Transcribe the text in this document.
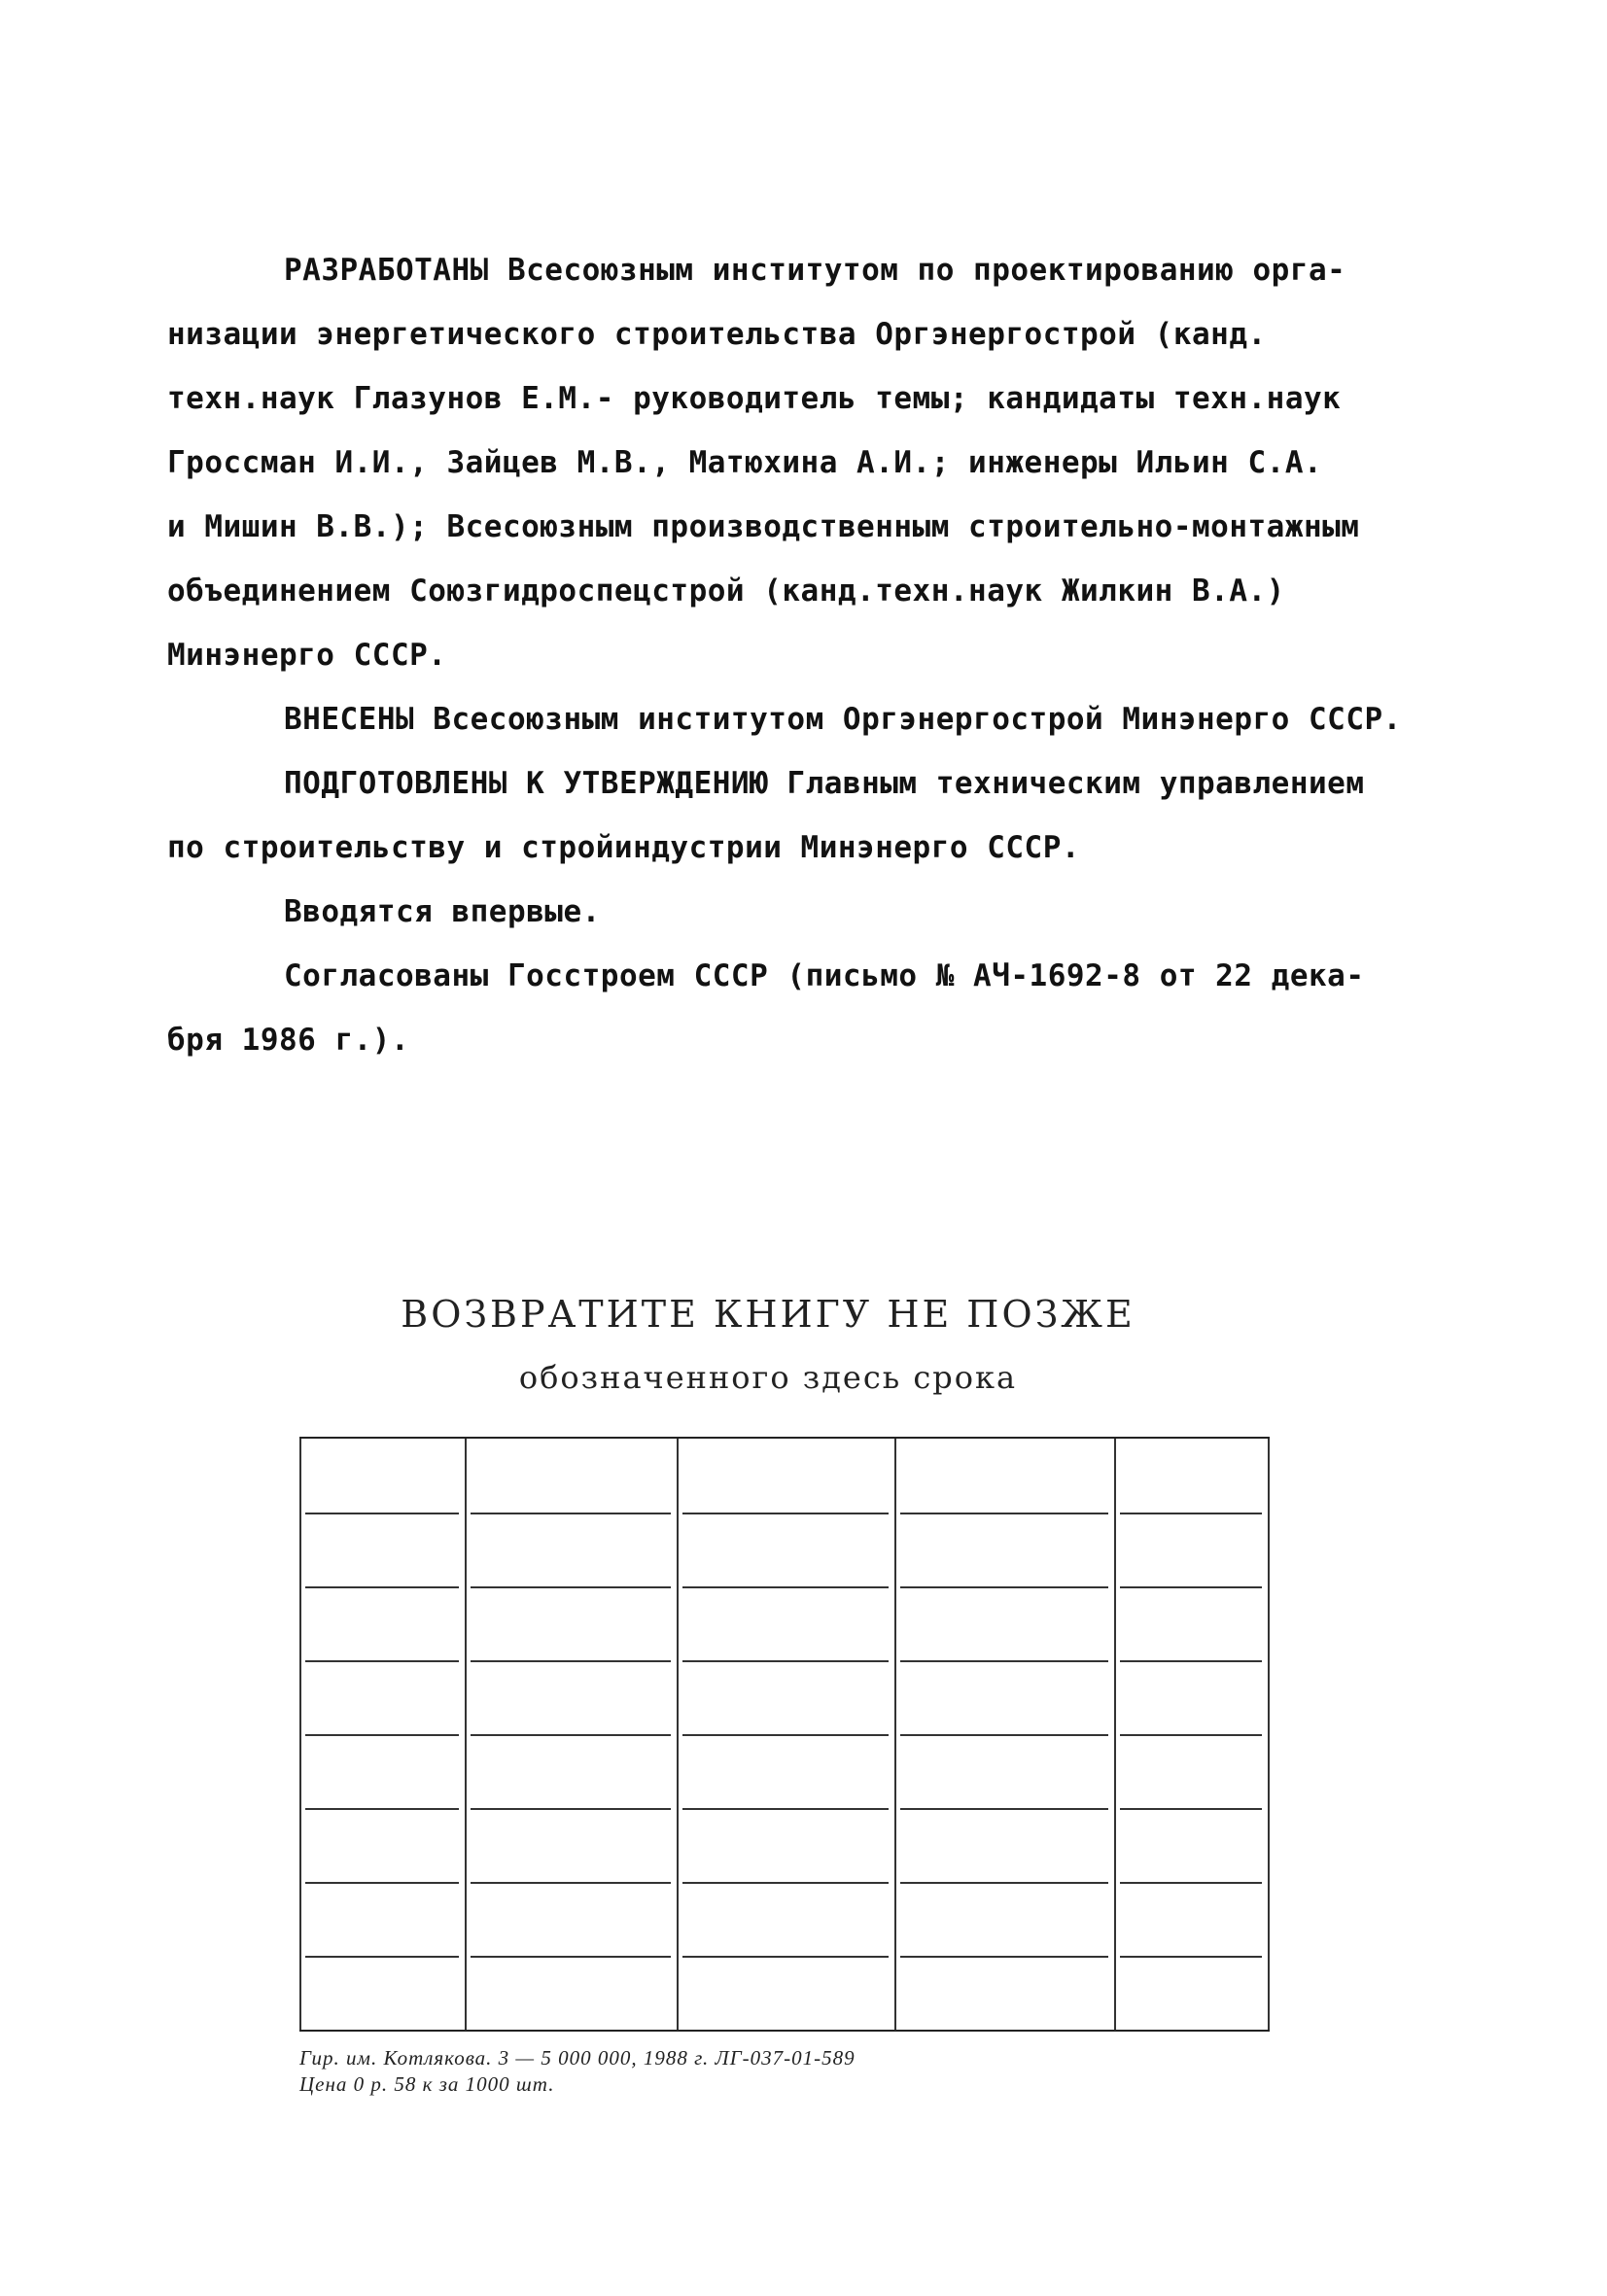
РАЗРАБОТАНЫ Всесоюзным институтом по проектированию орга-
низации энергетического строительства Оргэнергострой (канд.
техн.наук Глазунов Е.М.- руководитель темы; кандидаты техн.наук
Гроссман И.И., Зайцев М.В., Матюхина А.И.; инженеры Ильин С.А.
и Мишин В.В.); Всесоюзным производственным строительно-монтажным
объединением Союзгидроспецстрой (канд.техн.наук Жилкин В.А.)
Минэнерго СССР.
ВНЕСЕНЫ Всесоюзным институтом Оргэнергострой Минэнерго СССР.
ПОДГОТОВЛЕНЫ К УТВЕРЖДЕНИЮ Главным техническим управлением
по строительству и стройиндустрии Минэнерго СССР.
Вводятся впервые.
Согласованы Госстроем СССР (письмо № АЧ-1692-8 от 22 дека-
бря 1986 г.).
ВОЗВРАТИТЕ КНИГУ НЕ ПОЗЖЕ
обозначенного здесь срока
Гир. им. Котлякова. 3 — 5 000 000, 1988 г. ЛГ-037-01-589
Цена 0 р. 58 к за 1000 шт.
